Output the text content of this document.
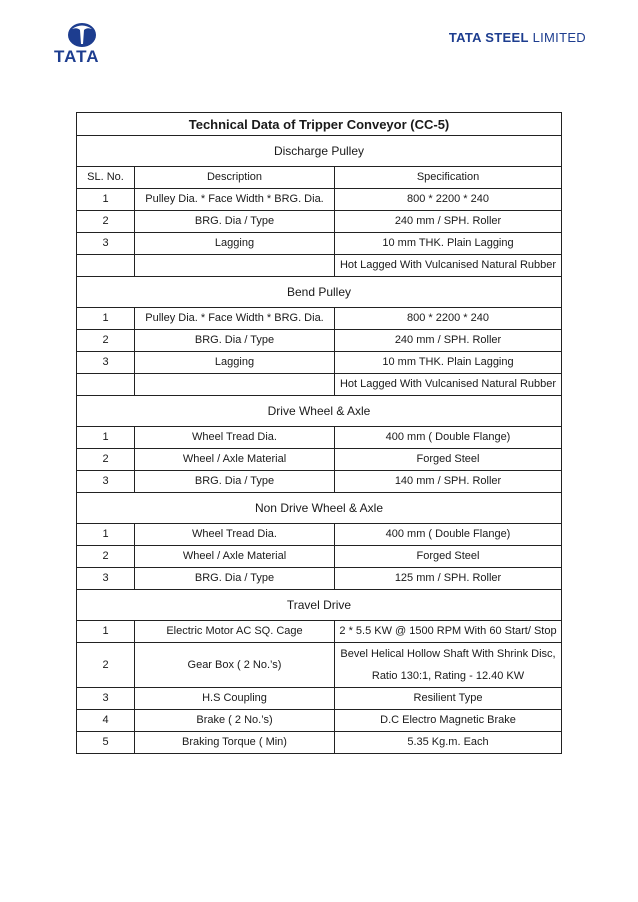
TATA
TATA STEEL LIMITED
Technical Data of Tripper Conveyor (CC-5)		
Discharge Pulley		
SL. No.	Description	Specification
1	Pulley Dia. * Face Width * BRG. Dia.	800 * 2200 * 240
2	BRG. Dia / Type	240 mm / SPH. Roller
3	Lagging	10 mm THK. Plain Lagging
		Hot Lagged With Vulcanised Natural Rubber
Bend Pulley		
1	Pulley Dia. * Face Width * BRG. Dia.	800 * 2200 * 240
2	BRG. Dia / Type	240 mm / SPH. Roller
3	Lagging	10 mm THK. Plain Lagging
		Hot Lagged With Vulcanised Natural Rubber
Drive Wheel & Axle		
1	Wheel Tread Dia.	400 mm ( Double Flange)
2	Wheel / Axle Material	Forged Steel
3	BRG. Dia / Type	140 mm / SPH. Roller
Non Drive Wheel & Axle		
1	Wheel Tread Dia.	400 mm ( Double Flange)
2	Wheel / Axle Material	Forged Steel
3	BRG. Dia / Type	125 mm / SPH. Roller
Travel Drive		
1	Electric Motor AC SQ. Cage	2 * 5.5 KW @ 1500 RPM With 60 Start/ Stop
2	Gear Box ( 2 No.’s)	Bevel Helical Hollow Shaft With Shrink Disc, Ratio 130:1, Rating - 12.40 KW
3	H.S Coupling	Resilient Type
4	Brake ( 2 No.’s)	D.C Electro Magnetic Brake
5	Braking Torque ( Min)	5.35 Kg.m. Each
